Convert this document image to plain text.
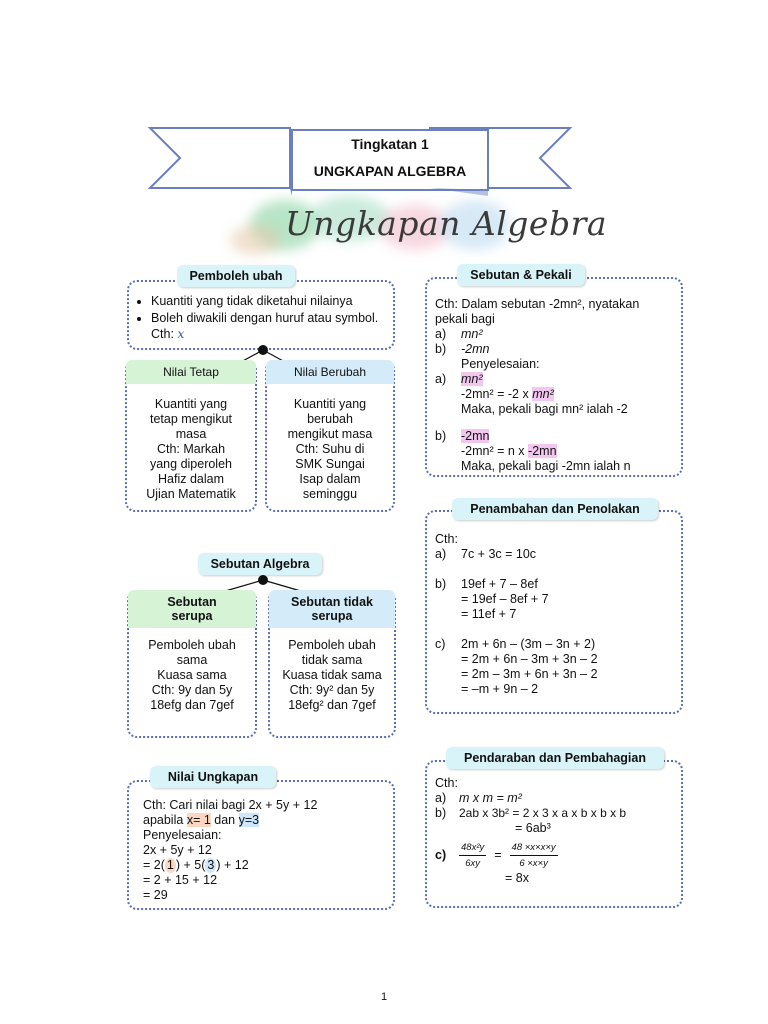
Tingkatan 1
UNGKAPAN ALGEBRA
Ungkapan Algebra
• Kuantiti yang tidak diketahui nilainya
• Boleh diwakili dengan huruf atau symbol. Cth: x
Pemboleh ubah
Nilai Tetap
Kuantiti yang
tetap mengikut
masa
Cth: Markah
yang diperoleh
Hafiz dalam
Ujian Matematik
Nilai Berubah
Kuantiti yang
berubah
mengikut masa
Cth: Suhu di
SMK Sungai
Isap dalam
seminggu
Cth: Dalam sebutan -2mn², nyatakan
pekali bagi
a) mn²
b) -2mn
Penyelesaian:
a) mn²
-2mn² = -2 x mn²
Maka, pekali bagi mn² ialah -2
b) -2mn
-2mn² = n x -2mn
Maka, pekali bagi -2mn ialah n
Sebutan & Pekali
Cth:
a) 7c + 3c = 10c
b) 19ef + 7 – 8ef
= 19ef – 8ef + 7
= 11ef + 7
c) 2m + 6n – (3m – 3n + 2)
= 2m + 6n – 3m + 3n – 2
= 2m – 3m + 6n + 3n – 2
= –m + 9n – 2
Penambahan dan Penolakan
Sebutan Algebra
Sebutan
serupa
Pemboleh ubah
sama
Kuasa sama
Cth: 9y dan 5y
18efg dan 7gef
Sebutan tidak
serupa
Pemboleh ubah
tidak sama
Kuasa tidak sama
Cth: 9y² dan 5y
18efg² dan 7gef
Cth: Cari nilai bagi 2x + 5y + 12
apabila x= 1 dan y=3
Penyelesaian:
2x + 5y + 12
= 2( 1 ) + 5( 3 ) + 12
= 2 + 15 + 12
= 29
Nilai Ungkapan	Cth:
a) m x m = m²
b) 2ab x 3b² = 2 x 3 x a x b x b x b
= 6ab³
c)	$\frac{\text{48x²y}}{6xy} = \frac{48 \times x\times x\times y}{6 \times x\times y}$
= 8x
Pendaraban dan Pembahagian
1
